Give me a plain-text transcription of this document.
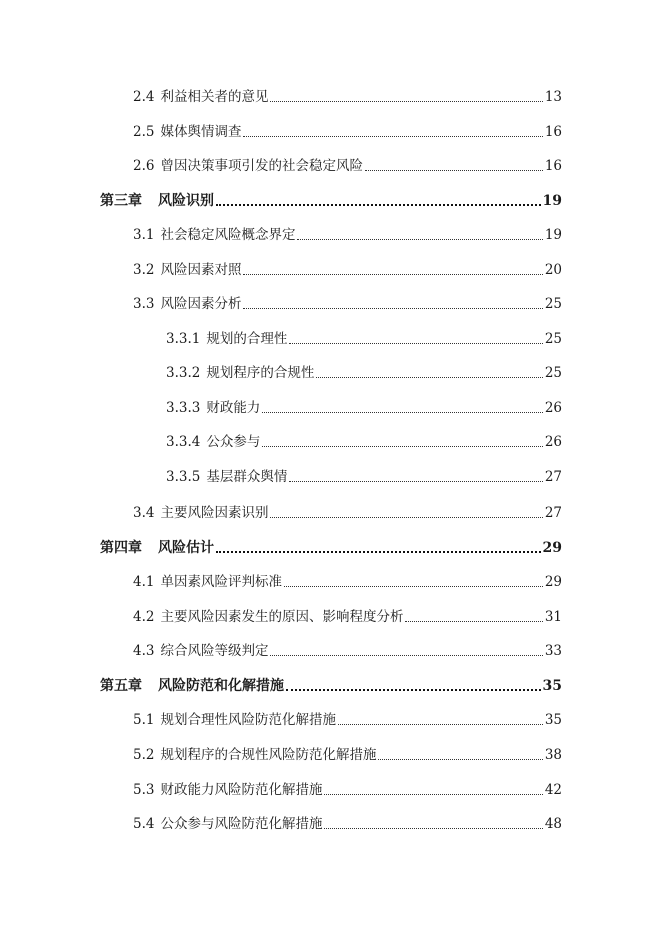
2.4 利益相关者的意见	13
2.5 媒体舆情调查	16
2.6 曾因决策事项引发的社会稳定风险	16
第三章	风险识别	19
3.1 社会稳定风险概念界定	19
3.2 风险因素对照	20
3.3 风险因素分析	25
3.3.1 规划的合理性	25
3.3.2 规划程序的合规性	25
3.3.3 财政能力	26
3.3.4 公众参与	26
3.3.5 基层群众舆情	27
3.4 主要风险因素识别	27
第四章	风险估计	29
4.1 单因素风险评判标准	29
4.2 主要风险因素发生的原因、影响程度分析	31
4.3 综合风险等级判定	33
第五章	风险防范和化解措施	35
5.1 规划合理性风险防范化解措施	35
5.2 规划程序的合规性风险防范化解措施	38
5.3 财政能力风险防范化解措施	42
5.4 公众参与风险防范化解措施	48
